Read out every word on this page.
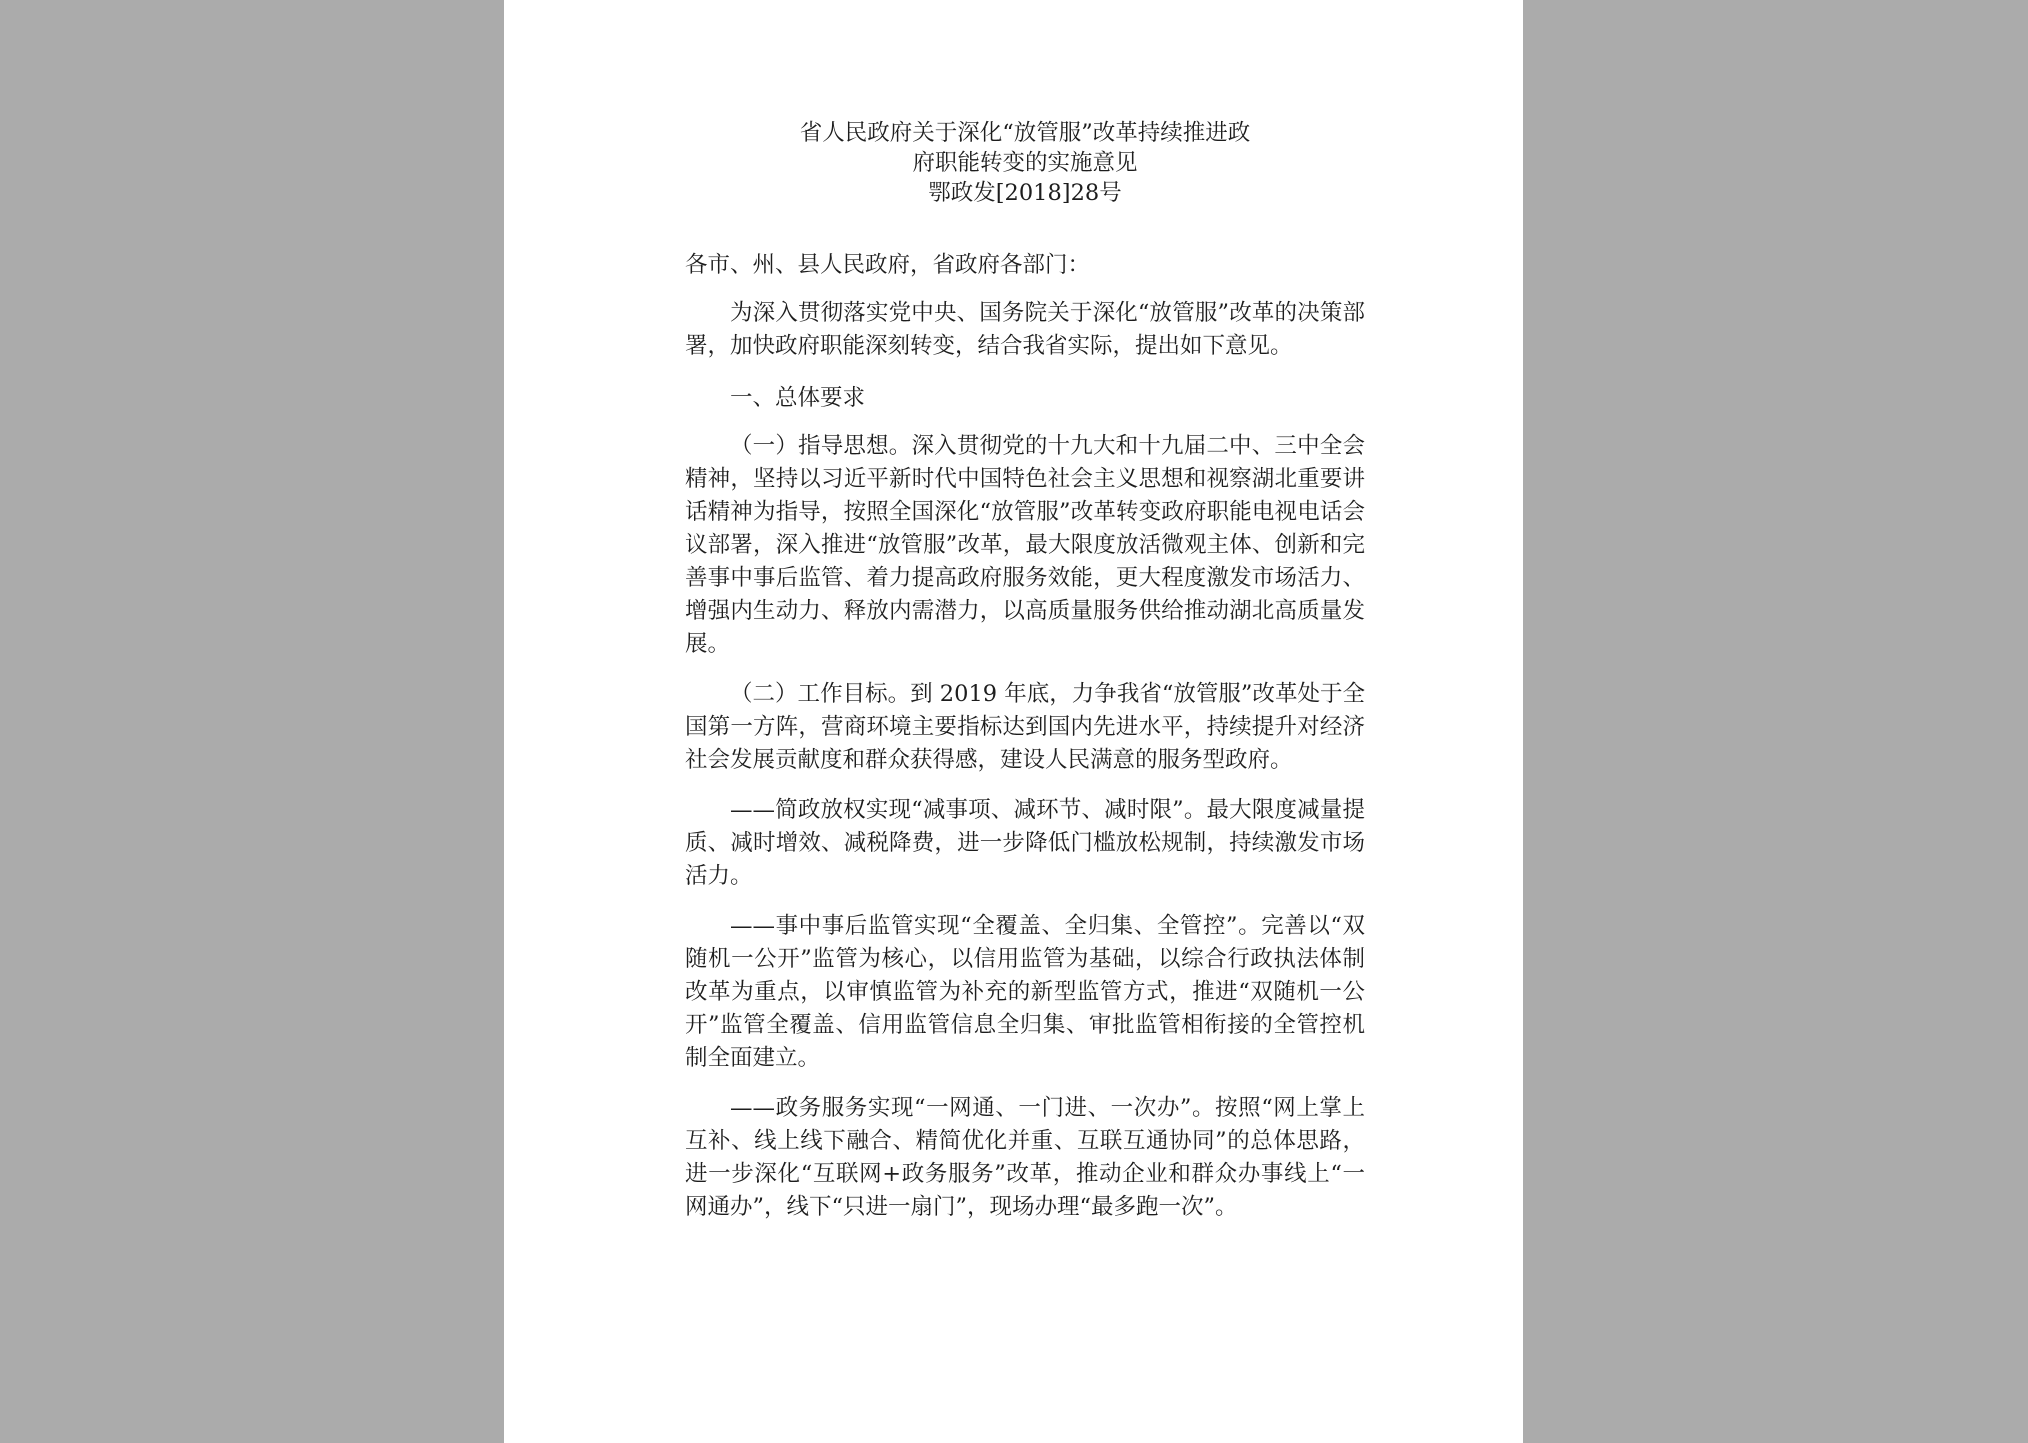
省人民政府关于深化“放管服”改革持续推进政
府职能转变的实施意见
鄂政发[2018]28号

各市、州、县人民政府，省政府各部门：

为深入贯彻落实党中央、国务院关于深化“放管服”改革的决策部署，加快政府职能深刻转变，结合我省实际，提出如下意见。

一、总体要求

（一）指导思想。深入贯彻党的十九大和十九届二中、三中全会精神，坚持以习近平新时代中国特色社会主义思想和视察湖北重要讲话精神为指导，按照全国深化“放管服”改革转变政府职能电视电话会议部署，深入推进“放管服”改革，最大限度放活微观主体、创新和完善事中事后监管、着力提高政府服务效能，更大程度激发市场活力、增强内生动力、释放内需潜力，以高质量服务供给推动湖北高质量发展。

（二）工作目标。到 2019 年底，力争我省“放管服”改革处于全国第一方阵，营商环境主要指标达到国内先进水平，持续提升对经济社会发展贡献度和群众获得感，建设人民满意的服务型政府。

——简政放权实现“减事项、减环节、减时限”。最大限度减量提质、减时增效、减税降费，进一步降低门槛放松规制，持续激发市场活力。

——事中事后监管实现“全覆盖、全归集、全管控”。完善以“双随机一公开”监管为核心，以信用监管为基础，以综合行政执法体制改革为重点，以审慎监管为补充的新型监管方式，推进“双随机一公开”监管全覆盖、信用监管信息全归集、审批监管相衔接的全管控机制全面建立。

——政务服务实现“一网通、一门进、一次办”。按照“网上掌上互补、线上线下融合、精简优化并重、互联互通协同”的总体思路，进一步深化“互联网+政务服务”改革，推动企业和群众办事线上“一网通办”，线下“只进一扇门”，现场办理“最多跑一次”。
